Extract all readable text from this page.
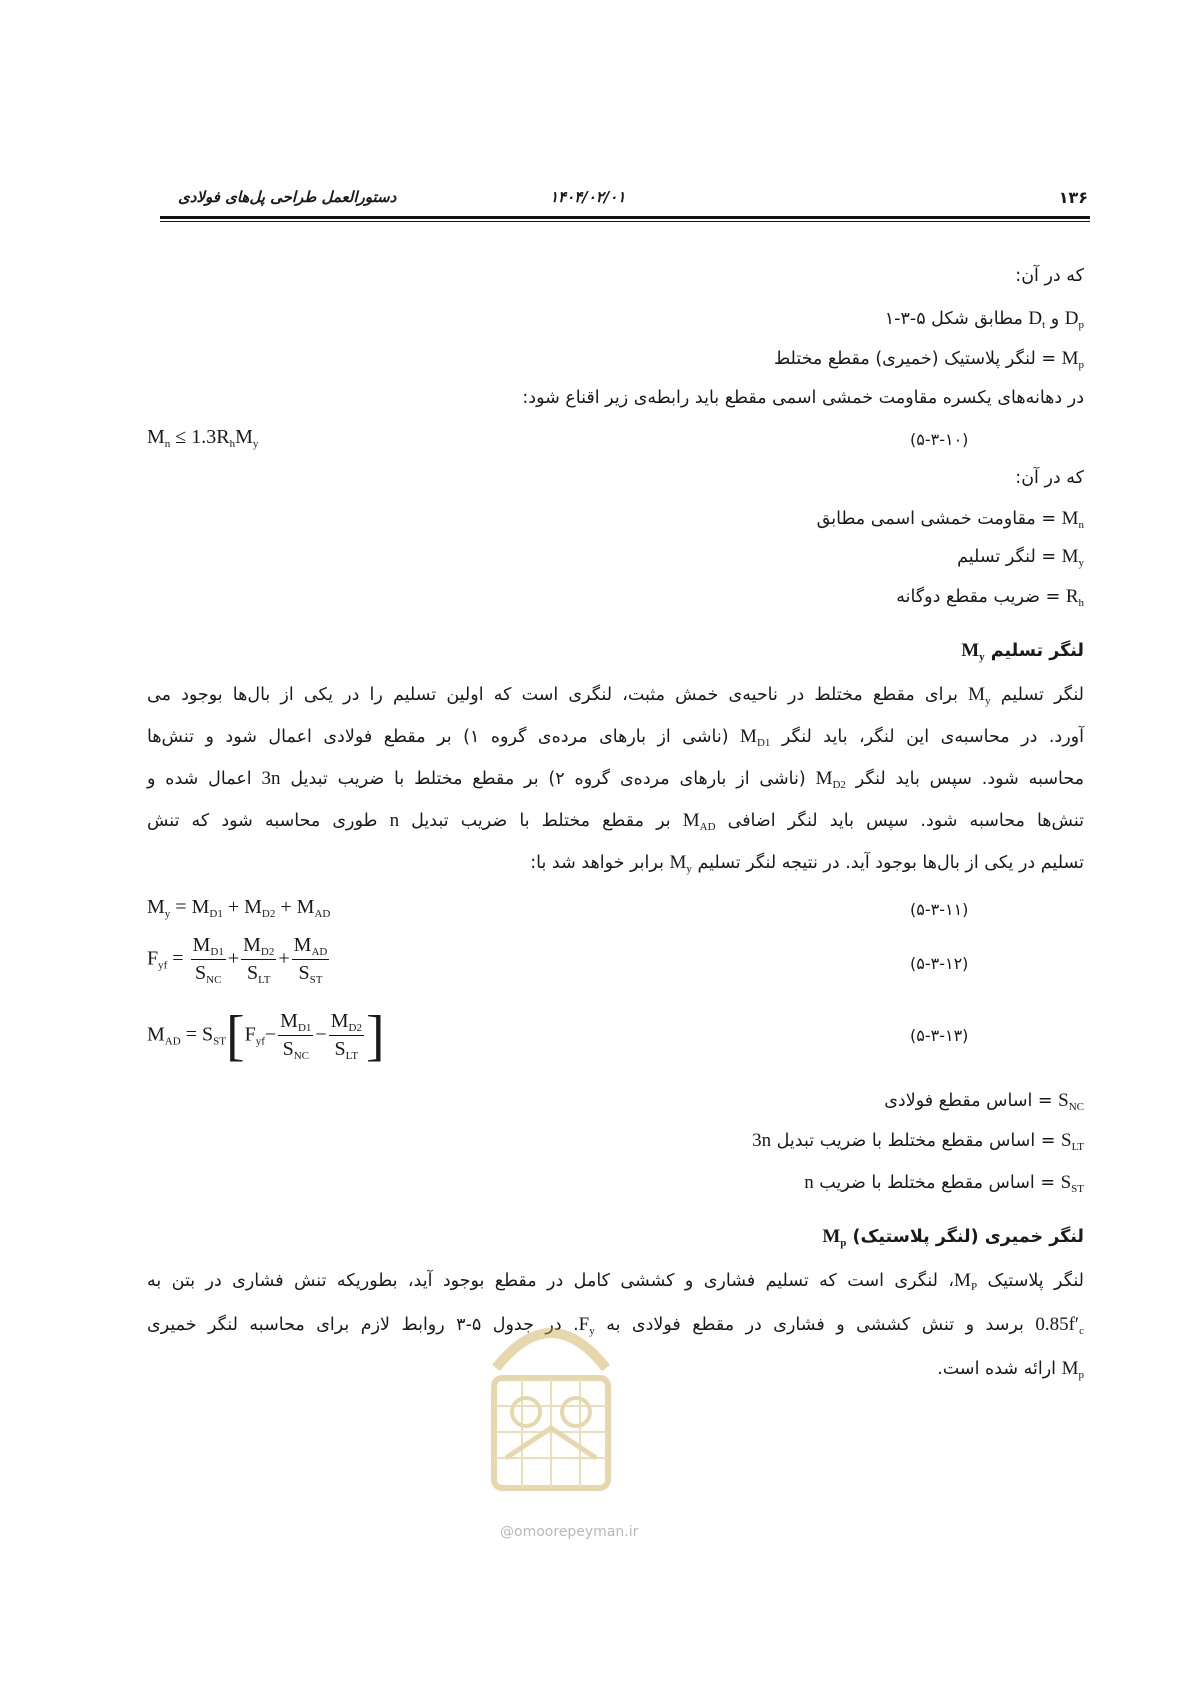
۱۳۶
۱۴۰۴/۰۲/۰۱
دستورالعمل طراحی پل‌های فولادی
که در آن:
$D_p$ و $D_t$ مطابق شکل ۵-۳-۱
$M_p$ = لنگر پلاستیک (خمیری) مقطع مختلط
در دهانه‌های یکسره مقاومت خمشی اسمی مقطع باید رابطه‌ی زیر اقناع شود:
$M_n \le 1.3R_hM_y$	(۵-۳-۱۰)
که در آن:
$M_n$ = مقاومت خمشی اسمی مطابق
$M_y$ = لنگر تسلیم
$R_h$ = ضریب مقطع دوگانه
لنگر تسلیم $M_y$
لنگر تسلیم $M_y$ برای مقطع مختلط در ناحیه‌ی خمش مثبت، لنگری است که اولین تسلیم را در یکی از بال‌ها بوجود می
آورد. در محاسبه‌ی این لنگر، باید لنگر $M_{D1}$ (ناشی از بارهای مرده‌ی گروه ۱) بر مقطع فولادی اعمال شود و تنش‌ها
محاسبه شود. سپس باید لنگر $M_{D2}$ (ناشی از بارهای مرده‌ی گروه ۲) بر مقطع مختلط با ضریب تبدیل 3n اعمال شده و
تنش‌ها محاسبه شود. سپس باید لنگر اضافی $M_{AD}$ بر مقطع مختلط با ضریب تبدیل n طوری محاسبه شود که تنش
تسلیم در یکی از بال‌ها بوجود آید. در نتیجه لنگر تسلیم $M_y$ برابر خواهد شد با:
$M_y = M_{D1} + M_{D2} + M_{AD}$	(۵-۳-۱۱)
$F_{yf} = \frac{M_{D1}}{S_{NC}} + \frac{M_{D2}}{S_{LT}} + \frac{M_{AD}}{S_{ST}}$	(۵-۳-۱۲)
$M_{AD} = S_{ST}[F_{yf}- \frac{M_{D1}}{S_{NC}} - \frac{M_{D2}}{S_{LT}}$ ]	(۵-۳-۱۳)
$S_{NC}$ = اساس مقطع فولادی
$S_{LT}$ = اساس مقطع مختلط با ضریب تبدیل 3n
$S_{ST}$ = اساس مقطع مختلط با ضریب n
لنگر خمیری (لنگر پلاستیک) $M_p$
لنگر پلاستیک $M_P،$ لنگری است که تسلیم فشاری و کششی کامل در مقطع بوجود آید، بطوریکه تنش فشاری در بتن به
$0.85f'_c$ برسد و تنش کششی و فشاری در مقطع فولادی به $F_y$. در جدول ۵-۳ روابط لازم برای محاسبه لنگر خمیری
$M_p$ ارائه شده است.
@omoorepeyman.ir
